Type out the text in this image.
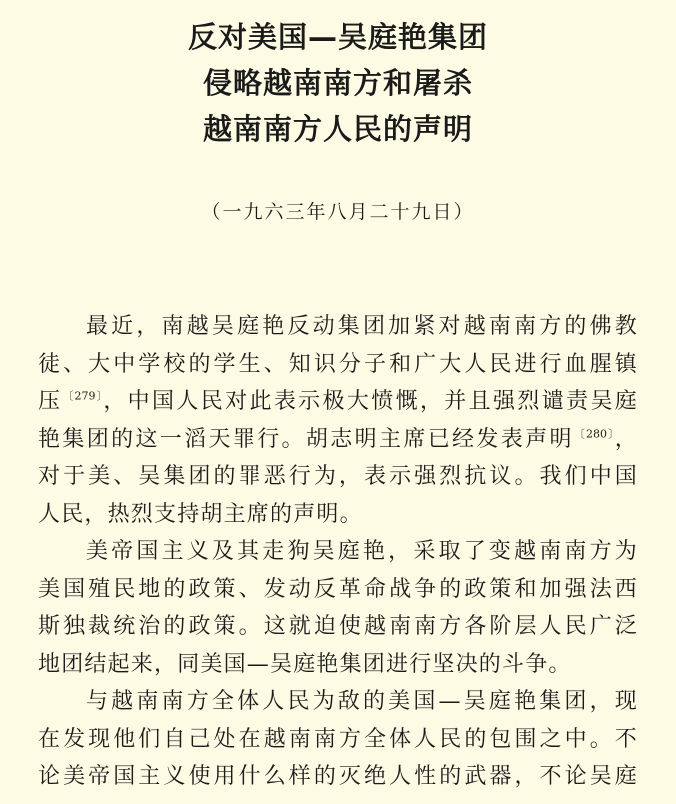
反对美国—吴庭艳集团
侵略越南南方和屠杀
越南南方人民的声明
（一九六三年八月二十九日）
最近，南越吴庭艳反动集团加紧对越南南方的佛教
徒、大中学校的学生、知识分子和广大人民进行血腥镇
压$^{〔279〕}$，中国人民对此表示极大愤慨，并且强烈谴责吴庭
艳集团的这一滔天罪行。胡志明主席已经发表声明$^{〔280〕}$，
对于美、吴集团的罪恶行为，表示强烈抗议。我们中国
人民，热烈支持胡主席的声明。
美帝国主义及其走狗吴庭艳，采取了变越南南方为
美国殖民地的政策、发动反革命战争的政策和加强法西
斯独裁统治的政策。这就迫使越南南方各阶层人民广泛
地团结起来，同美国—吴庭艳集团进行坚决的斗争。
与越南南方全体人民为敌的美国—吴庭艳集团，现
在发现他们自己处在越南南方全体人民的包围之中。不
论美帝国主义使用什么样的灭绝人性的武器，不论吴庭
